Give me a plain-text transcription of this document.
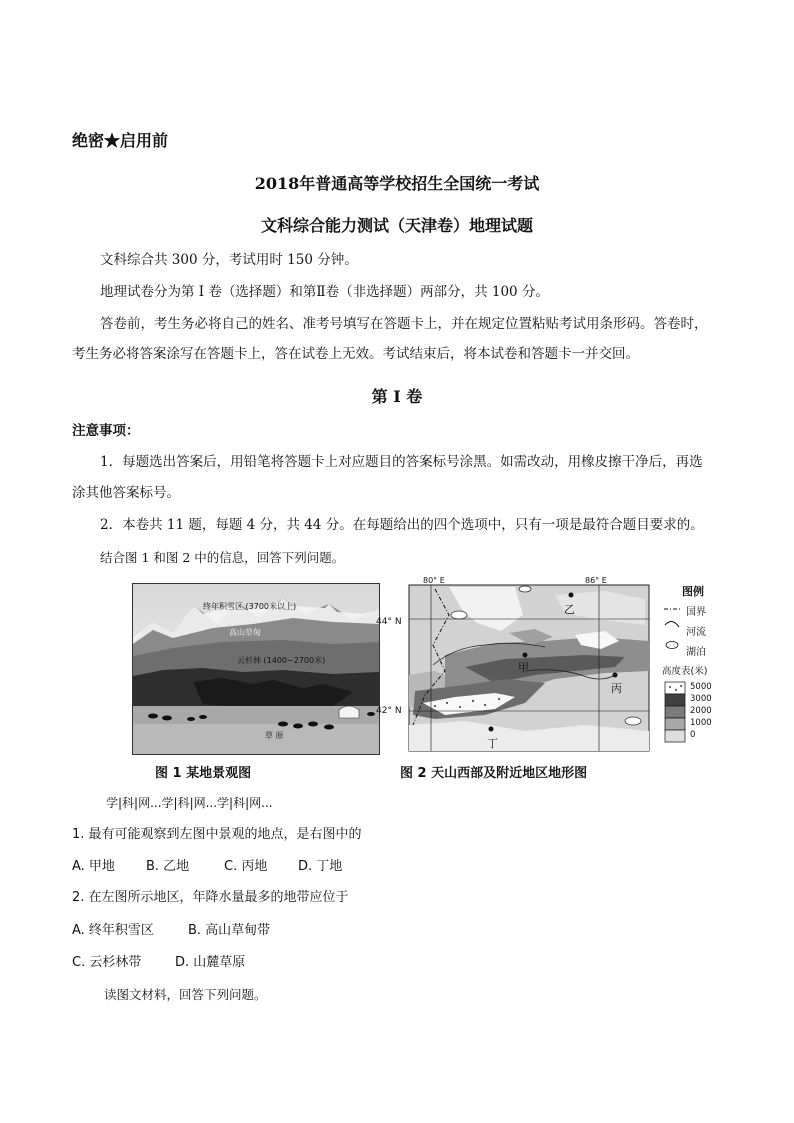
绝密★启用前
2018年普通高等学校招生全国统一考试
文科综合能力测试（天津卷）地理试题
文科综合共 300 分，考试用时 150 分钟。
地理试卷分为第 I 卷（选择题）和第Ⅱ卷（非选择题）两部分，共 100 分。
答卷前，考生务必将自己的姓名、准考号填写在答题卡上，并在规定位置粘贴考试用条形码。答卷时，
考生务必将答案涂写在答题卡上，答在试卷上无效。考试结束后，将本试卷和答题卡一并交回。
第 I 卷
注意事项：
1．每题选出答案后，用铅笔将答题卡上对应题目的答案标号涂黑。如需改动，用橡皮擦干净后，再选
涂其他答案标号。
2．本卷共 11 题，每题 4 分，共 44 分。在每题给出的四个选项中，只有一项是最符合题目要求的。
结合图 1 和图 2 中的信息，回答下列问题。
终年积雪区 (3700米以上)
高山草甸
云杉林 (1400~2700米)
草 原
图 1 某地景观图
80° E	86° E
44° N
42° N
乙
甲
丙
丁
图例
国界
河流
湖泊
高度表(米)
5000
3000
2000
1000
0
图 2 天山西部及附近地区地形图
学|科|网...学|科|网...学|科|网...
1. 最有可能观察到左图中景观的地点，是右图中的
A. 甲地 B. 乙地	C. 丙地 D. 丁地
2. 在左图所示地区，年降水量最多的地带应位于
A. 终年积雪区	B. 高山草甸带
C. 云杉林带	D. 山麓草原
读图文材料，回答下列问题。
